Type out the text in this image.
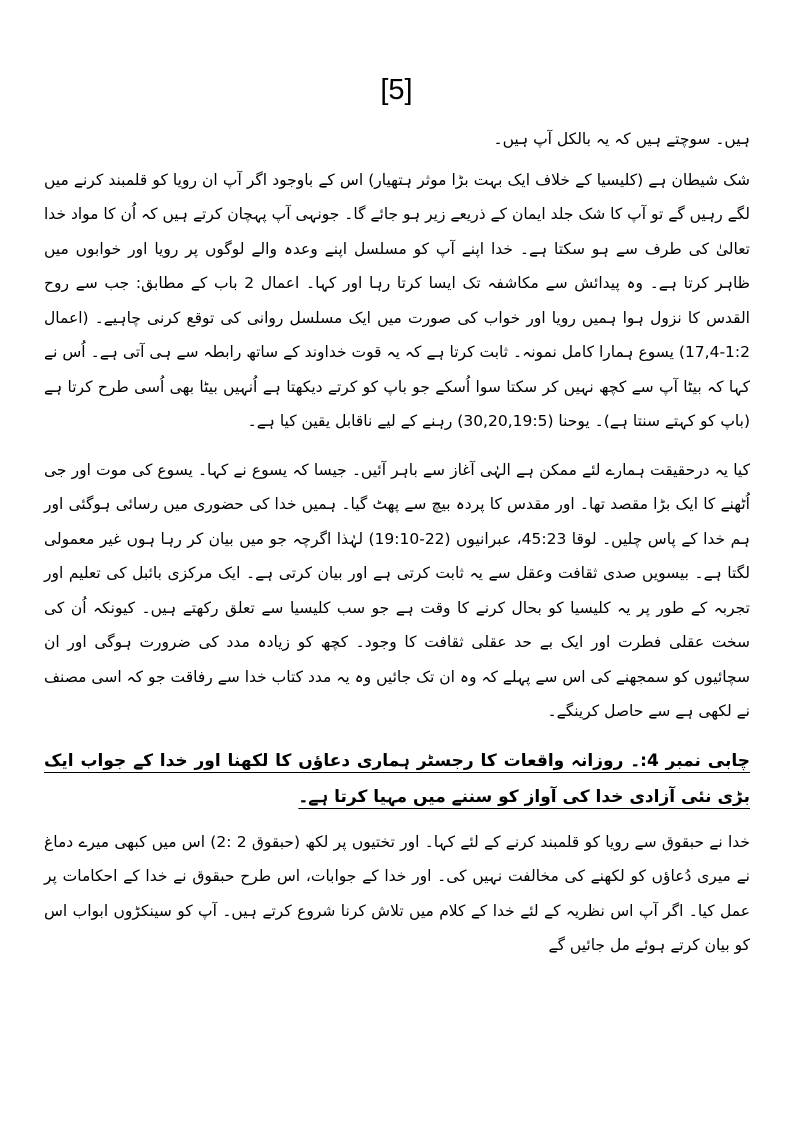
[5]

ہیں۔ سوچتے ہیں کہ یہ بالکل آپ ہیں۔

شک شیطان ہے (کلیسیا کے خلاف ایک بہت بڑا موثر ہتھیار) اس کے باوجود اگر آپ ان رویا کو قلمبند کرنے میں لگے رہیں گے تو آپ کا شک جلد ایمان کے ذریعے زیر ہو جائے گا۔ جونہی آپ پہچان کرتے ہیں کہ اُن کا مواد خدا تعالیٰ کی طرف سے ہو سکتا ہے۔ خدا اپنے آپ کو مسلسل اپنے وعدہ والے لوگوں پر رویا اور خوابوں میں ظاہر کرتا ہے۔ وہ پیدائش سے مکاشفہ تک ایسا کرتا رہا اور کہا۔ اعمال 2 باب کے مطابق: جب سے روح القدس کا نزول ہوا ہمیں رویا اور خواب کی صورت میں ایک مسلسل روانی کی توقع کرنی چاہیے۔ (اعمال 1:2-17,4) یسوع ہمارا کامل نمونہ۔ ثابت کرتا ہے کہ یہ قوت خداوند کے ساتھ رابطہ سے ہی آتی ہے۔ اُس نے کہا کہ بیٹا آپ سے کچھ نہیں کر سکتا سوا اُسکے جو باپ کو کرتے دیکھتا ہے اُنہیں بیٹا بھی اُسی طرح کرتا ہے (باپ کو کہتے سنتا ہے)۔ یوحنا (30,20,19:5) رہنے کے لیے ناقابل یقین کیا ہے۔

کیا یہ درحقیقت ہمارے لئے ممکن ہے الہٰی آغاز سے باہر آئیں۔ جیسا کہ یسوع نے کہا۔ یسوع کی موت اور جی اُٹھنے کا ایک بڑا مقصد تھا۔ اور مقدس کا پردہ بیچ سے پھٹ گیا۔ ہمیں خدا کی حضوری میں رسائی ہوگئی اور ہم خدا کے پاس چلیں۔ لوقا 45:23، عبرانیوں (22-19:10) لہٰذا اگرچہ جو میں بیان کر رہا ہوں غیر معمولی لگتا ہے۔ بیسویں صدی ثقافت وعقل سے یہ ثابت کرتی ہے اور بیان کرتی ہے۔ ایک مرکزی بائبل کی تعلیم اور تجربہ کے طور پر یہ کلیسیا کو بحال کرنے کا وقت ہے جو سب کلیسیا سے تعلق رکھتے ہیں۔ کیونکہ اُن کی سخت عقلی فطرت اور ایک بے حد عقلی ثقافت کا وجود۔ کچھ کو زیادہ مدد کی ضرورت ہوگی اور ان سچائیوں کو سمجھنے کی اس سے پہلے کہ وہ ان تک جائیں وہ یہ مدد کتاب خدا سے رفاقت جو کہ اسی مصنف نے لکھی ہے سے حاصل کرینگے۔

چابی نمبر 4:۔ روزانہ واقعات کا رجسٹر ہماری دعاؤں کا لکھنا اور خدا کے جواب ایک بڑی نئی آزادی خدا کی آواز کو سننے میں مہیا کرتا ہے۔

خدا نے حبقوق سے رویا کو قلمبند کرنے کے لئے کہا۔ اور تختیوں پر لکھ (حبقوق 2 :2) اس میں کبھی میرے دماغ نے میری دُعاؤں کو لکھنے کی مخالفت نہیں کی۔ اور خدا کے جوابات، اس طرح حبقوق نے خدا کے احکامات پر عمل کیا۔ اگر آپ اس نظریہ کے لئے خدا کے کلام میں تلاش کرنا شروع کرتے ہیں۔ آپ کو سینکڑوں ابواب اس کو بیان کرتے ہوئے مل جائیں گے
